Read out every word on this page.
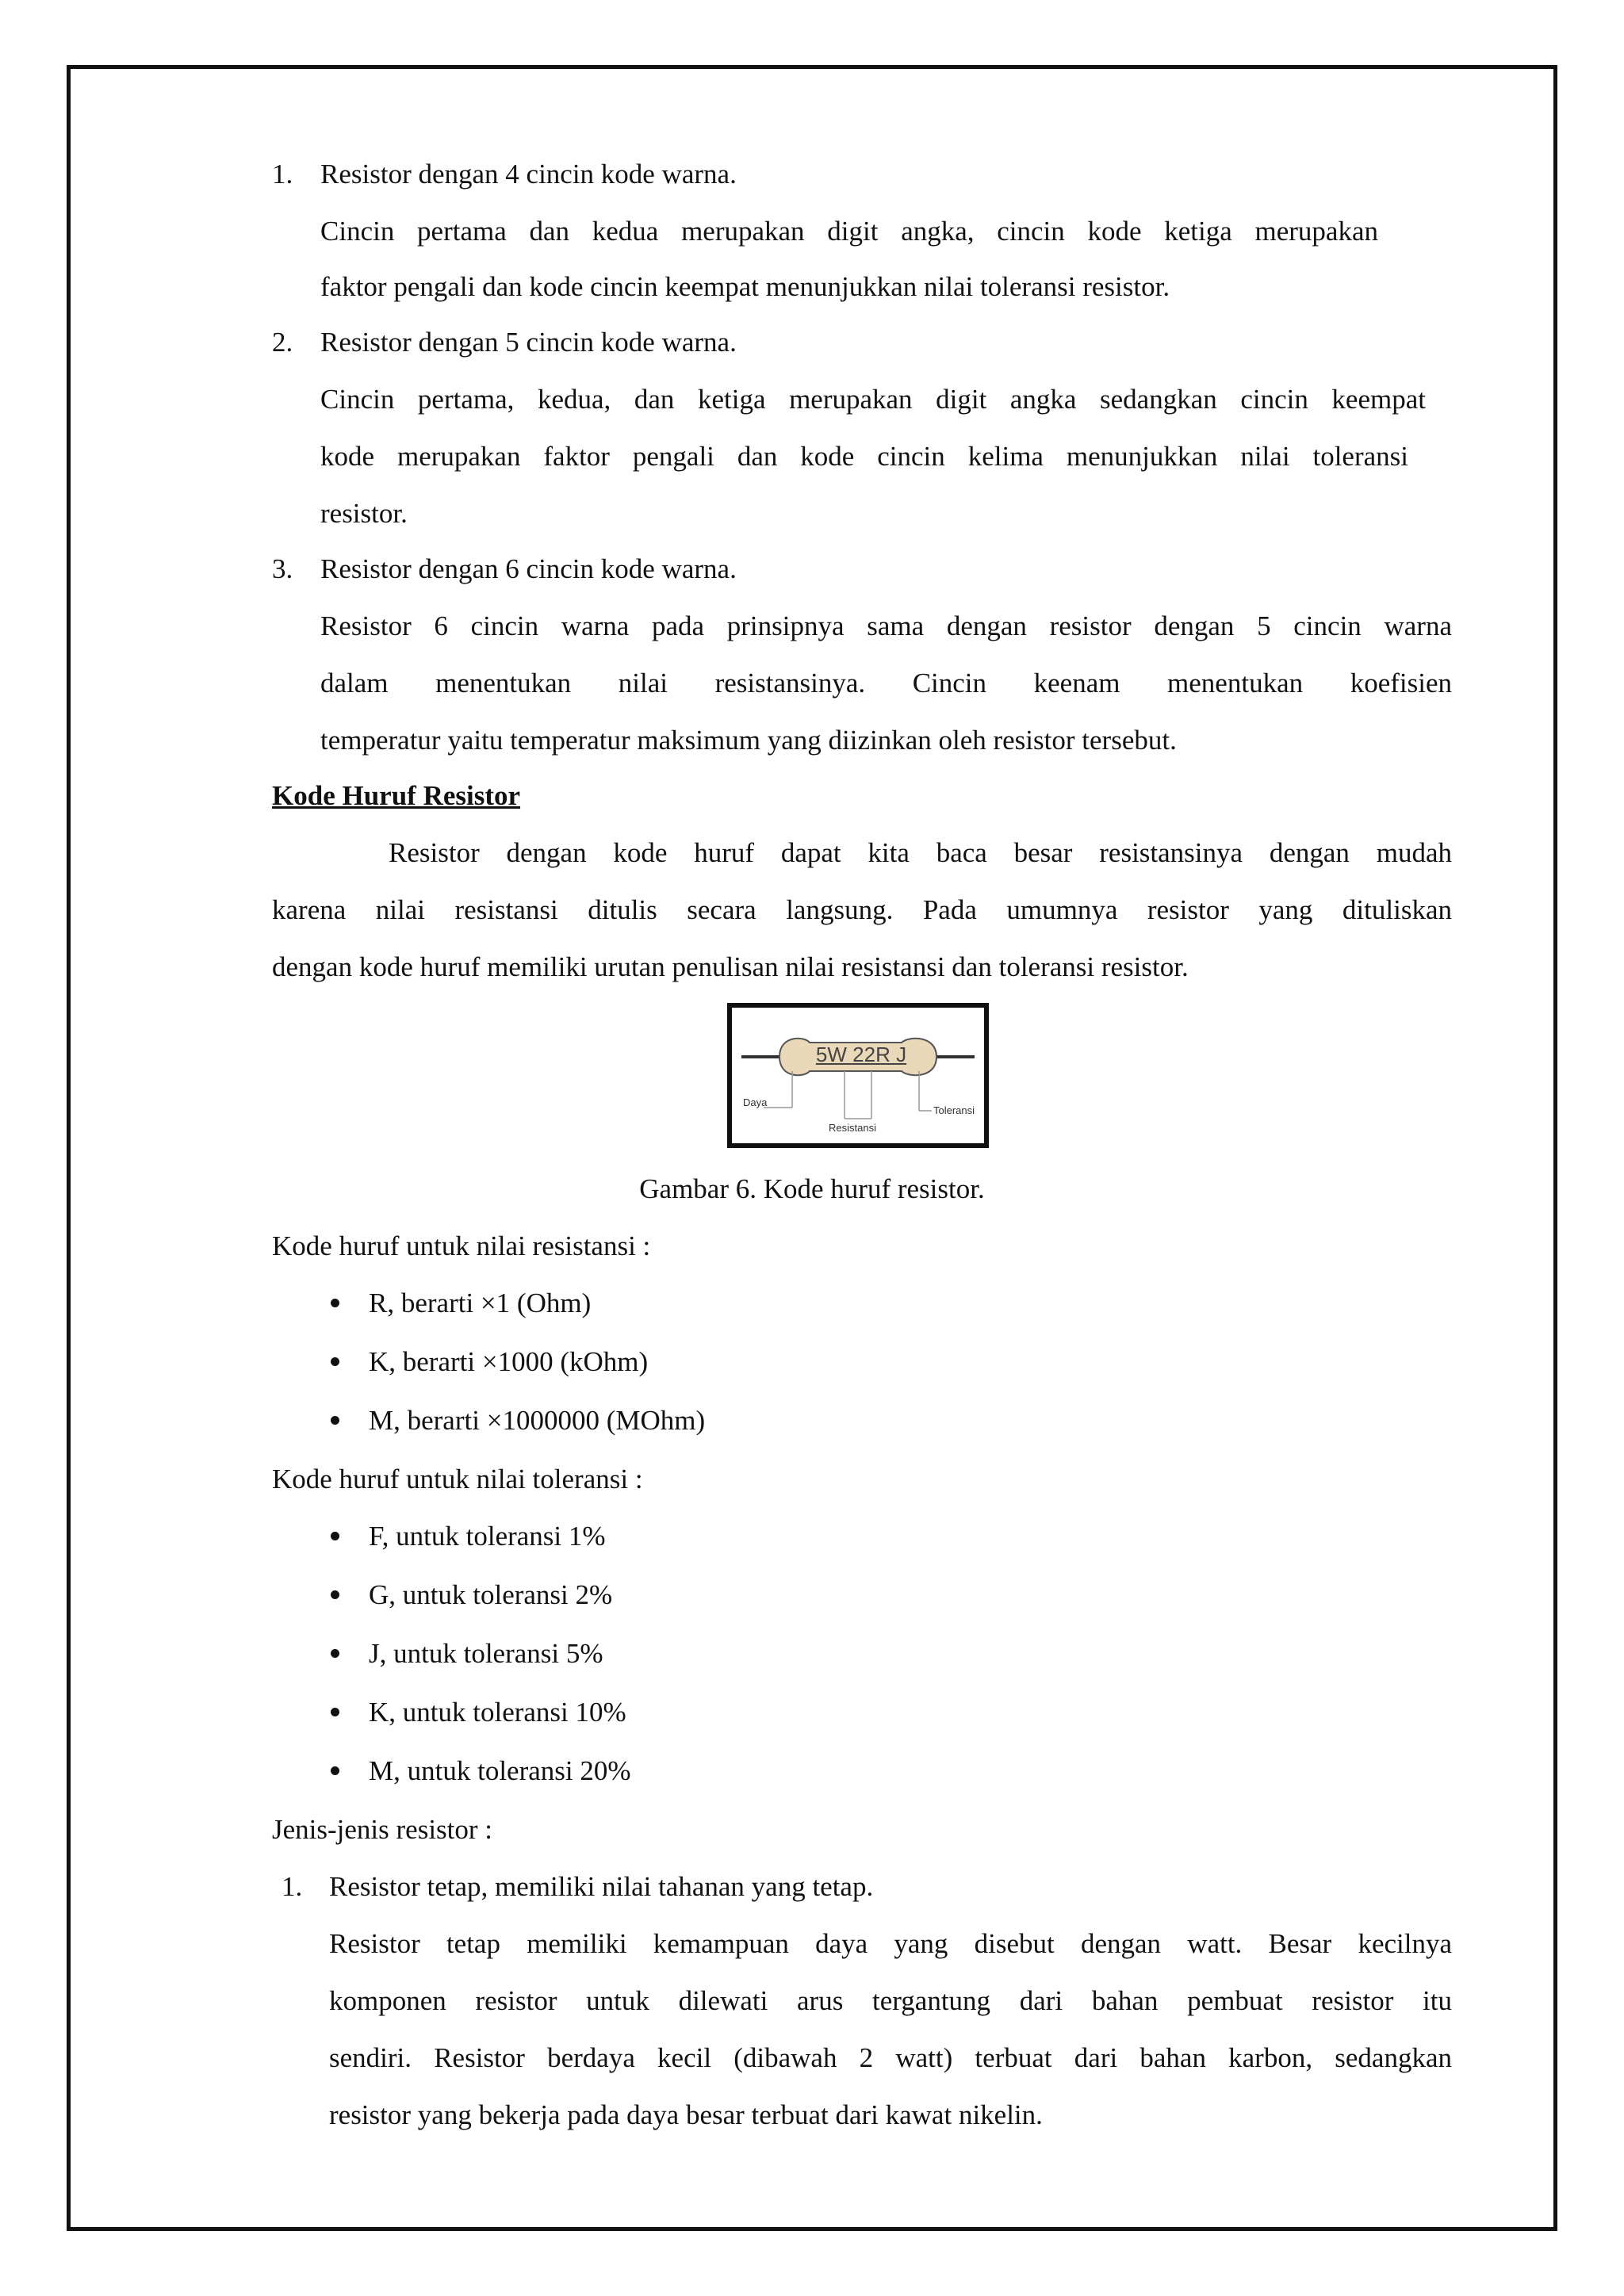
1. Resistor dengan 4 cincin kode warna.
Cincin pertama dan kedua merupakan digit angka, cincin kode ketiga merupakan
faktor pengali dan kode cincin keempat menunjukkan nilai toleransi resistor.
2. Resistor dengan 5 cincin kode warna.
Cincin pertama, kedua, dan ketiga merupakan digit angka sedangkan cincin keempat
kode merupakan faktor pengali dan kode cincin kelima menunjukkan nilai toleransi
resistor.
3. Resistor dengan 6 cincin kode warna.
Resistor 6 cincin warna pada prinsipnya sama dengan resistor dengan 5 cincin warna
dalam menentukan nilai resistansinya. Cincin keenam menentukan koefisien
temperatur yaitu temperatur maksimum yang diizinkan oleh resistor tersebut.
Kode Huruf Resistor
Resistor dengan kode huruf dapat kita baca besar resistansinya dengan mudah
karena nilai resistansi ditulis secara langsung. Pada umumnya resistor yang dituliskan
dengan kode huruf memiliki urutan penulisan nilai resistansi dan toleransi resistor.
5W 22R J
Daya
Resistansi
Toleransi
Gambar 6. Kode huruf resistor.
Kode huruf untuk nilai resistansi :
R, berarti ×1 (Ohm)
K, berarti ×1000 (kOhm)
M, berarti ×1000000 (MOhm)
Kode huruf untuk nilai toleransi :
F, untuk toleransi 1%
G, untuk toleransi 2%
J, untuk toleransi 5%
K, untuk toleransi 10%
M, untuk toleransi 20%
Jenis-jenis resistor :
1. Resistor tetap, memiliki nilai tahanan yang tetap.
Resistor tetap memiliki kemampuan daya yang disebut dengan watt. Besar kecilnya
komponen resistor untuk dilewati arus tergantung dari bahan pembuat resistor itu
sendiri. Resistor berdaya kecil (dibawah 2 watt) terbuat dari bahan karbon, sedangkan
resistor yang bekerja pada daya besar terbuat dari kawat nikelin.
